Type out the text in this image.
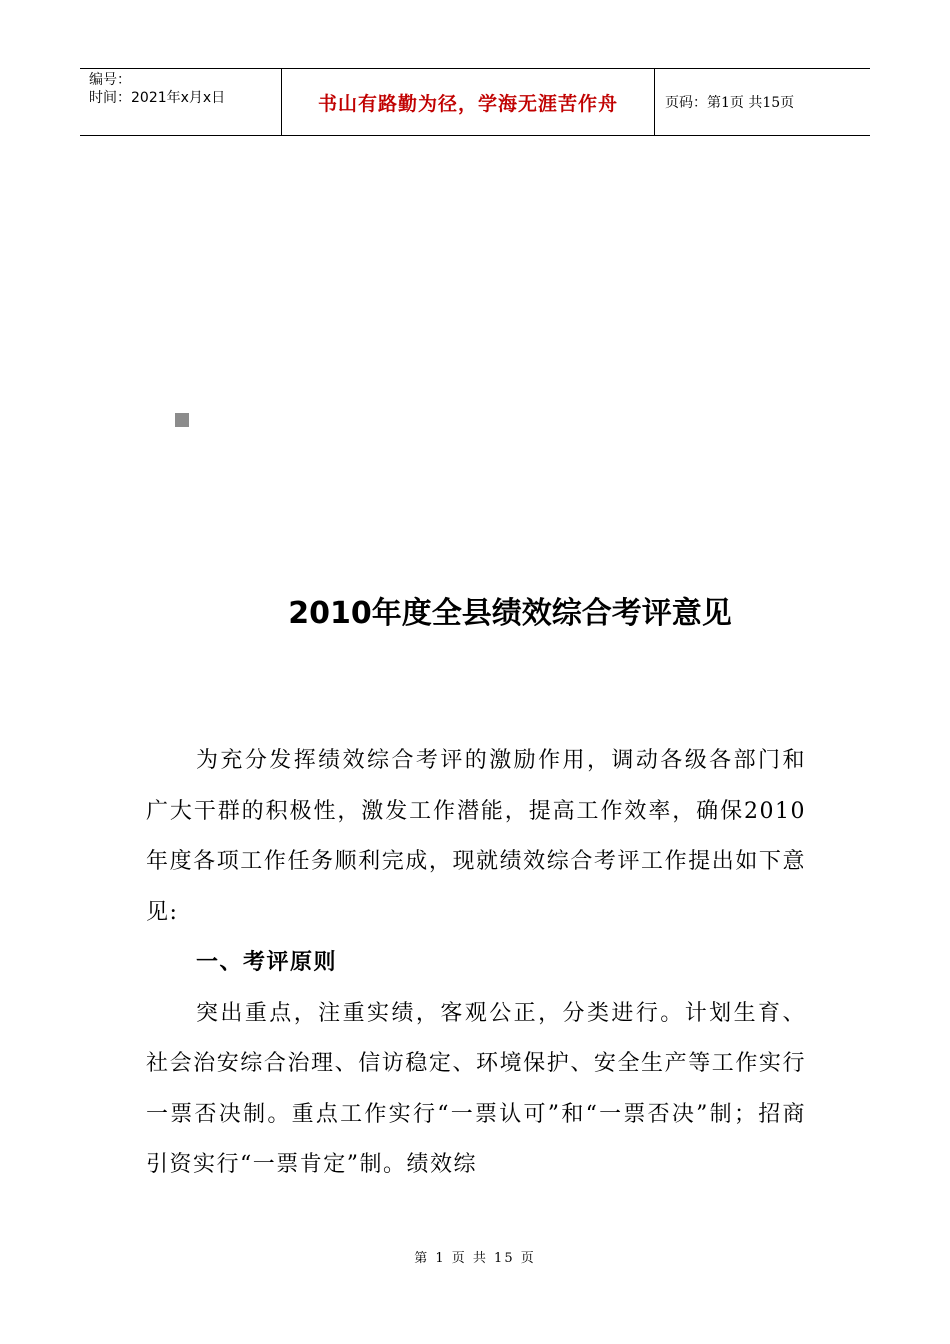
编号：
时间：2021年x月x日	书山有路勤为径，学海无涯苦作舟	页码：第1页 共15页
2010年度全县绩效综合考评意见

为充分发挥绩效综合考评的激励作用，调动各级各部门和广大干群的积极性，激发工作潜能，提高工作效率，确保2010年度各项工作任务顺利完成，现就绩效综合考评工作提出如下意见:

一、考评原则

突出重点，注重实绩，客观公正，分类进行。计划生育、社会治安综合治理、信访稳定、环境保护、安全生产等工作实行一票否决制。重点工作实行“一票认可”和“一票否决”制；招商引资实行“一票肯定”制。绩效综

第 1 页 共 15 页
